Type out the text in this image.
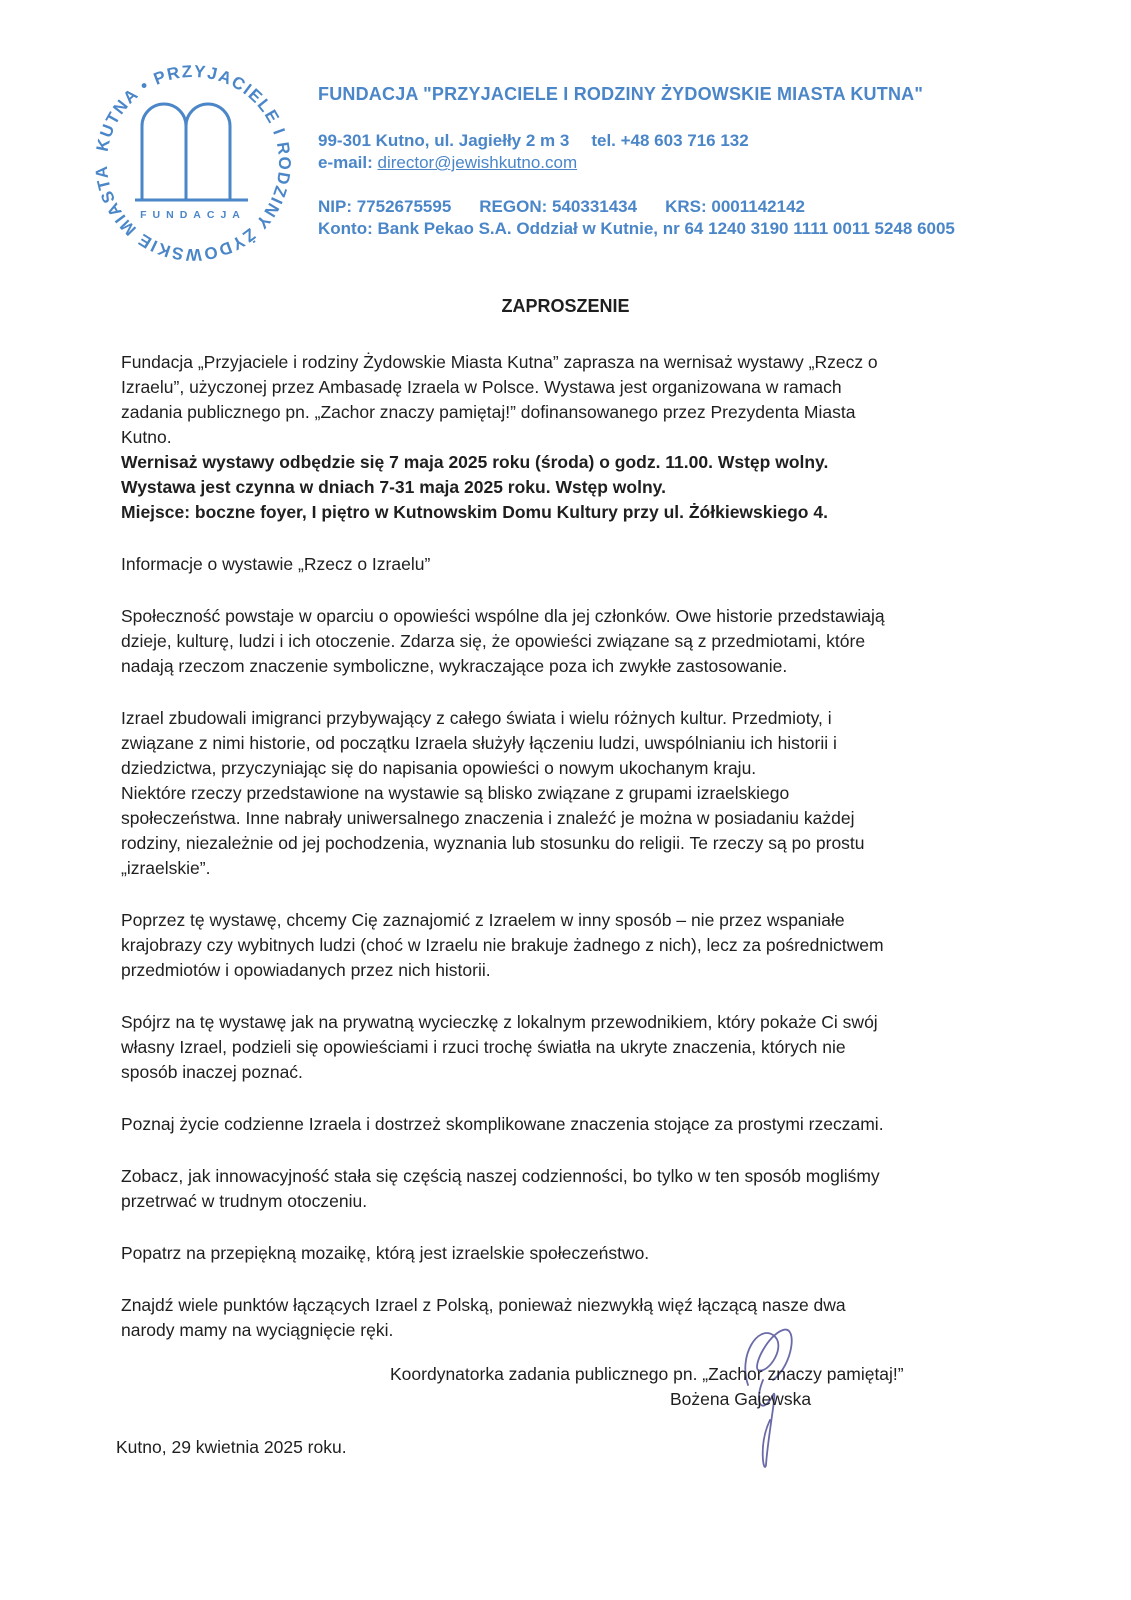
KUTNA • PRZYJACIELE I RODZINY ŻYDOWSKIE MIASTA
FUNDACJA

FUNDACJA "PRZYJACIELE I RODZINY ŻYDOWSKIE MIASTA KUTNA"

99-301 Kutno, ul. Jagiełły 2 m 3 tel. +48 603 716 132

e-mail: director@jewishkutno.com

NIP: 7752675595 REGON: 540331434 KRS: 0001142142

Konto: Bank Pekao S.A. Oddział w Kutnie, nr 64 1240 3190 1111 0011 5248 6005

ZAPROSZENIE

Fundacja „Przyjaciele i rodziny Żydowskie Miasta Kutna” zaprasza na wernisaż wystawy „Rzecz o

Izraelu”, użyczonej przez Ambasadę Izraela w Polsce. Wystawa jest organizowana w ramach

zadania publicznego pn. „Zachor znaczy pamiętaj!” dofinansowanego przez Prezydenta Miasta

Kutno.

Wernisaż wystawy odbędzie się 7 maja 2025 roku (środa) o godz. 11.00. Wstęp wolny.

Wystawa jest czynna w dniach 7-31 maja 2025 roku. Wstęp wolny.

Miejsce: boczne foyer, I piętro w Kutnowskim Domu Kultury przy ul. Żółkiewskiego 4.

Informacje o wystawie „Rzecz o Izraelu”

Społeczność powstaje w oparciu o opowieści wspólne dla jej członków. Owe historie przedstawiają

dzieje, kulturę, ludzi i ich otoczenie. Zdarza się, że opowieści związane są z przedmiotami, które

nadają rzeczom znaczenie symboliczne, wykraczające poza ich zwykłe zastosowanie.

Izrael zbudowali imigranci przybywający z całego świata i wielu różnych kultur. Przedmioty, i

związane z nimi historie, od początku Izraela służyły łączeniu ludzi, uwspólnianiu ich historii i

dziedzictwa, przyczyniając się do napisania opowieści o nowym ukochanym kraju.

Niektóre rzeczy przedstawione na wystawie są blisko związane z grupami izraelskiego

społeczeństwa. Inne nabrały uniwersalnego znaczenia i znaleźć je można w posiadaniu każdej

rodziny, niezależnie od jej pochodzenia, wyznania lub stosunku do religii. Te rzeczy są po prostu

„izraelskie”.

Poprzez tę wystawę, chcemy Cię zaznajomić z Izraelem w inny sposób – nie przez wspaniałe

krajobrazy czy wybitnych ludzi (choć w Izraelu nie brakuje żadnego z nich), lecz za pośrednictwem

przedmiotów i opowiadanych przez nich historii.

Spójrz na tę wystawę jak na prywatną wycieczkę z lokalnym przewodnikiem, który pokaże Ci swój

własny Izrael, podzieli się opowieściami i rzuci trochę światła na ukryte znaczenia, których nie

sposób inaczej poznać.

Poznaj życie codzienne Izraela i dostrzeż skomplikowane znaczenia stojące za prostymi rzeczami.

Zobacz, jak innowacyjność stała się częścią naszej codzienności, bo tylko w ten sposób mogliśmy

przetrwać w trudnym otoczeniu.

Popatrz na przepiękną mozaikę, którą jest izraelskie społeczeństwo.

Znajdź wiele punktów łączących Izrael z Polską, ponieważ niezwykłą więź łączącą nasze dwa

narody mamy na wyciągnięcie ręki.

Koordynatorka zadania publicznego pn. „Zachor znaczy pamiętaj!”
Bożena Gajewska
Kutno, 29 kwietnia 2025 roku.
